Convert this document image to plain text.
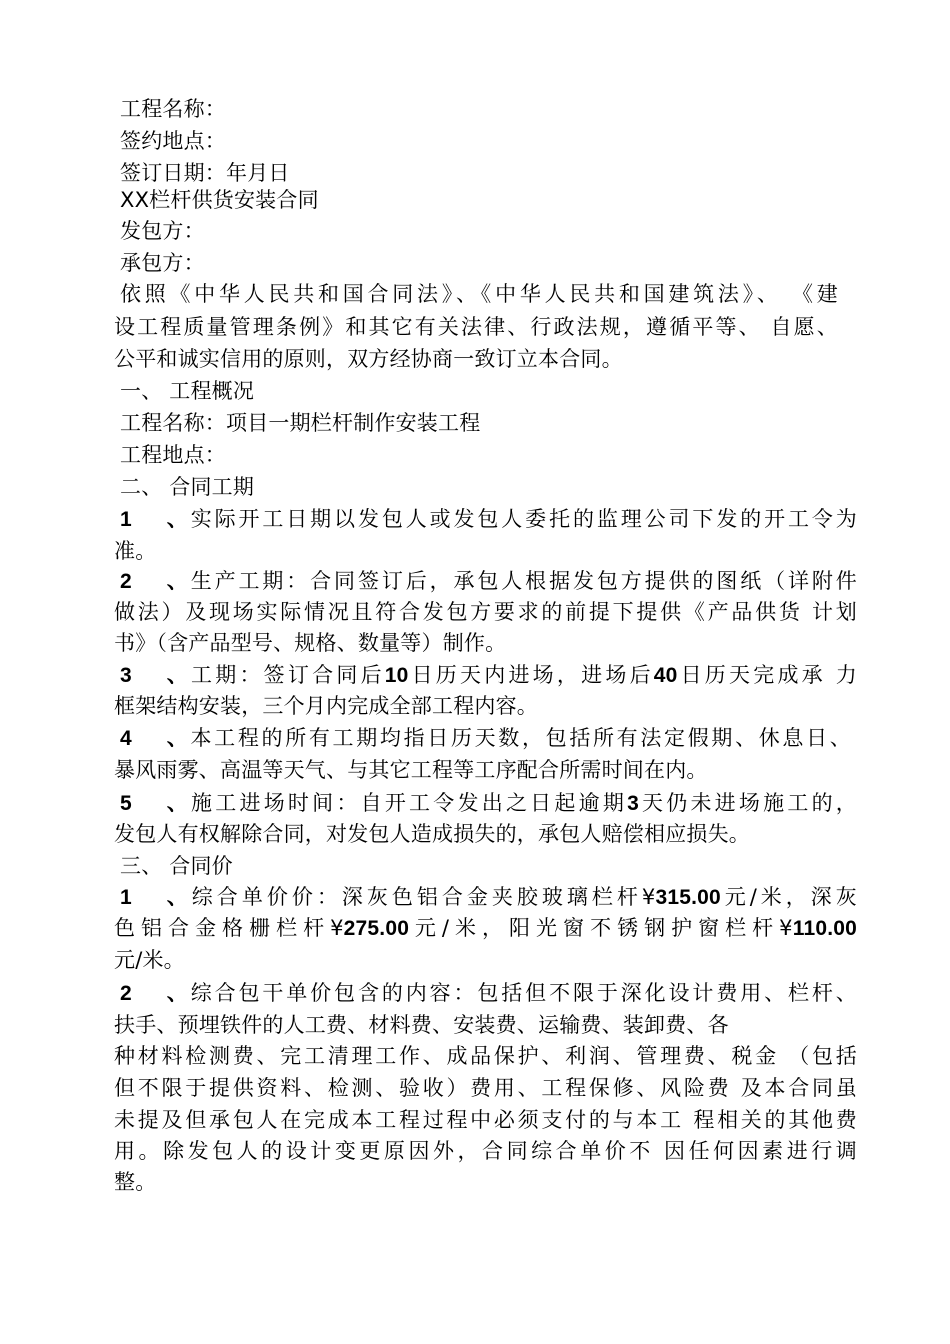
工程名称：
签约地点：
签订日期：年月日
XX栏杆供货安装合同
发包方：
承包方：
依照《中华人民共和国合同法》、《中华人民共和国建筑法》、 《建
设工程质量管理条例》和其它有关法律、行政法规，遵循平等、 自愿、
公平和诚实信用的原则，双方经协商一致订立本合同。
一、 工程概况
工程名称：项目一期栏杆制作安装工程
工程地点：
二、 合同工期
1、实际开工日期以发包人或发包人委托的监理公司下发的开工令为
准。
2、生产工期：合同签订后，承包人根据发包方提供的图纸（详附件
做法）及现场实际情况且符合发包方要求的前提下提供《产品供货 计划
书》（含产品型号、规格、数量等）制作。
3、工期：签订合同后10日历天内进场，进场后40日历天完成承 力
框架结构安装，三个月内完成全部工程内容。
4、本工程的所有工期均指日历天数，包括所有法定假期、休息日、
暴风雨雾、高温等天气、与其它工程等工序配合所需时间在内。
5、施工进场时间：自开工令发出之日起逾期3天仍未进场施工的，
发包人有权解除合同，对发包人造成损失的，承包人赔偿相应损失。
三、 合同价
1、综合单价价：深灰色铝合金夹胶玻璃栏杆¥315.00元/米，深灰
色铝合金格栅栏杆¥275.00元/米，阳光窗不锈钢护窗栏杆¥110.00
元/米。
2、综合包干单价包含的内容：包括但不限于深化设计费用、栏杆、
扶手、预埋铁件的人工费、材料费、安装费、运输费、装卸费、各
种材料检测费、完工清理工作、成品保护、利润、管理费、税金 （包括
但不限于提供资料、检测、验收）费用、工程保修、风险费 及本合同虽
未提及但承包人在完成本工程过程中必须支付的与本工 程相关的其他费
用。除发包人的设计变更原因外，合同综合单价不 因任何因素进行调
整。
